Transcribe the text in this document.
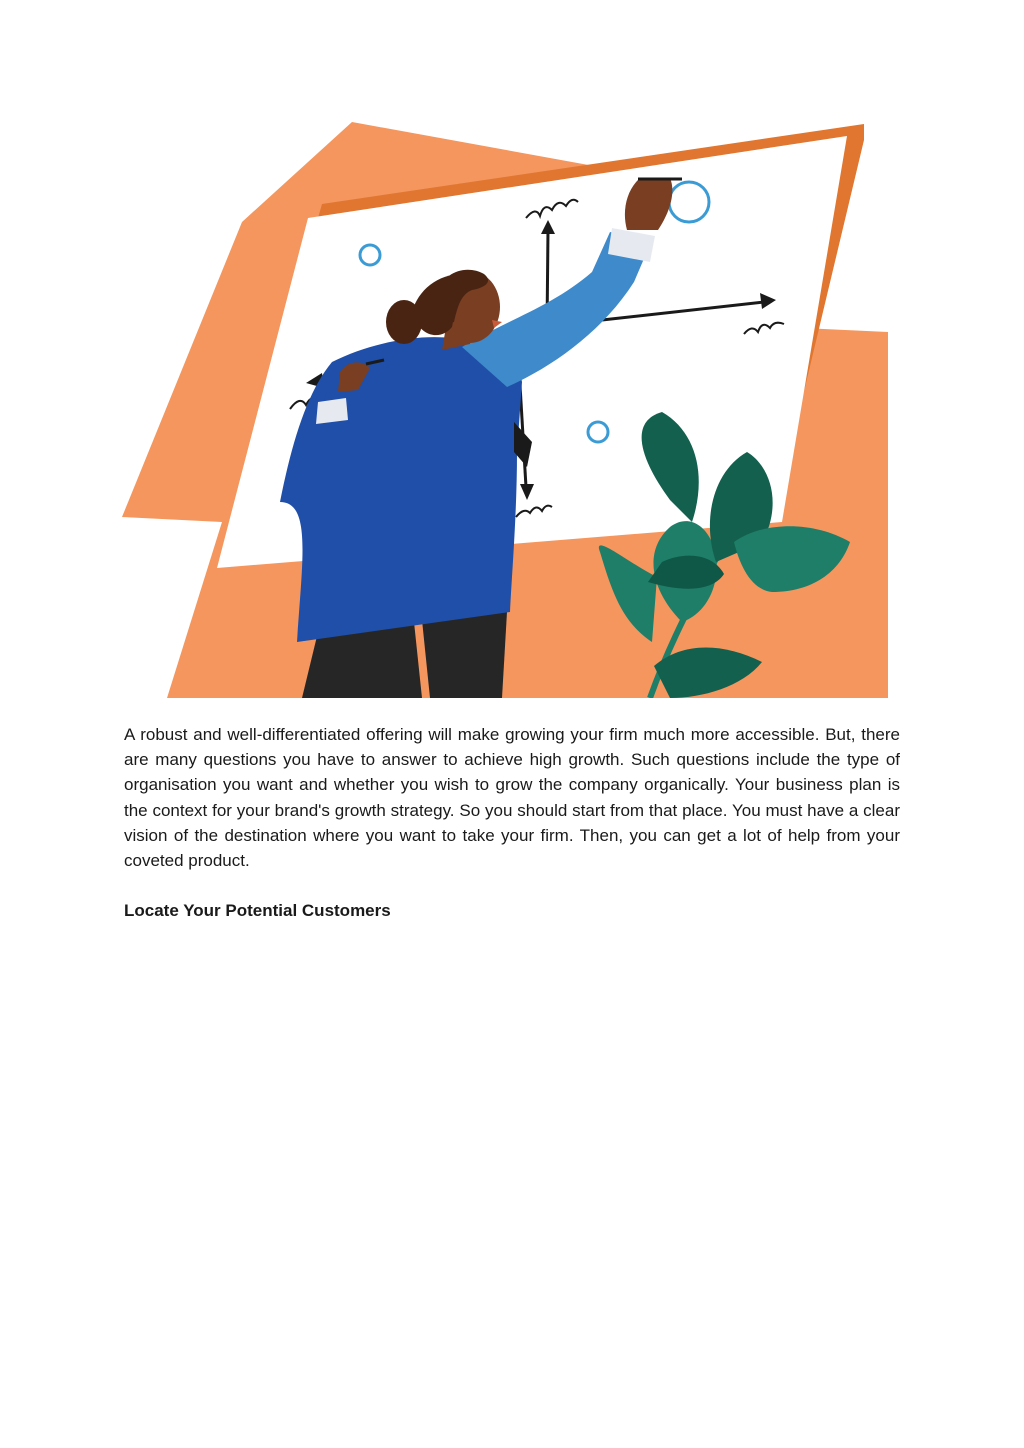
A robust and well-differentiated offering will make growing your firm much more accessible. But, there are many questions you have to answer to achieve high growth. Such questions include the type of organisation you want and whether you wish to grow the company organically. Your business plan is the context for your brand's growth strategy. So you should start from that place. You must have a clear vision of the destination where you want to take your firm. Then, you can get a lot of help from your coveted product.

Locate Your Potential Customers
